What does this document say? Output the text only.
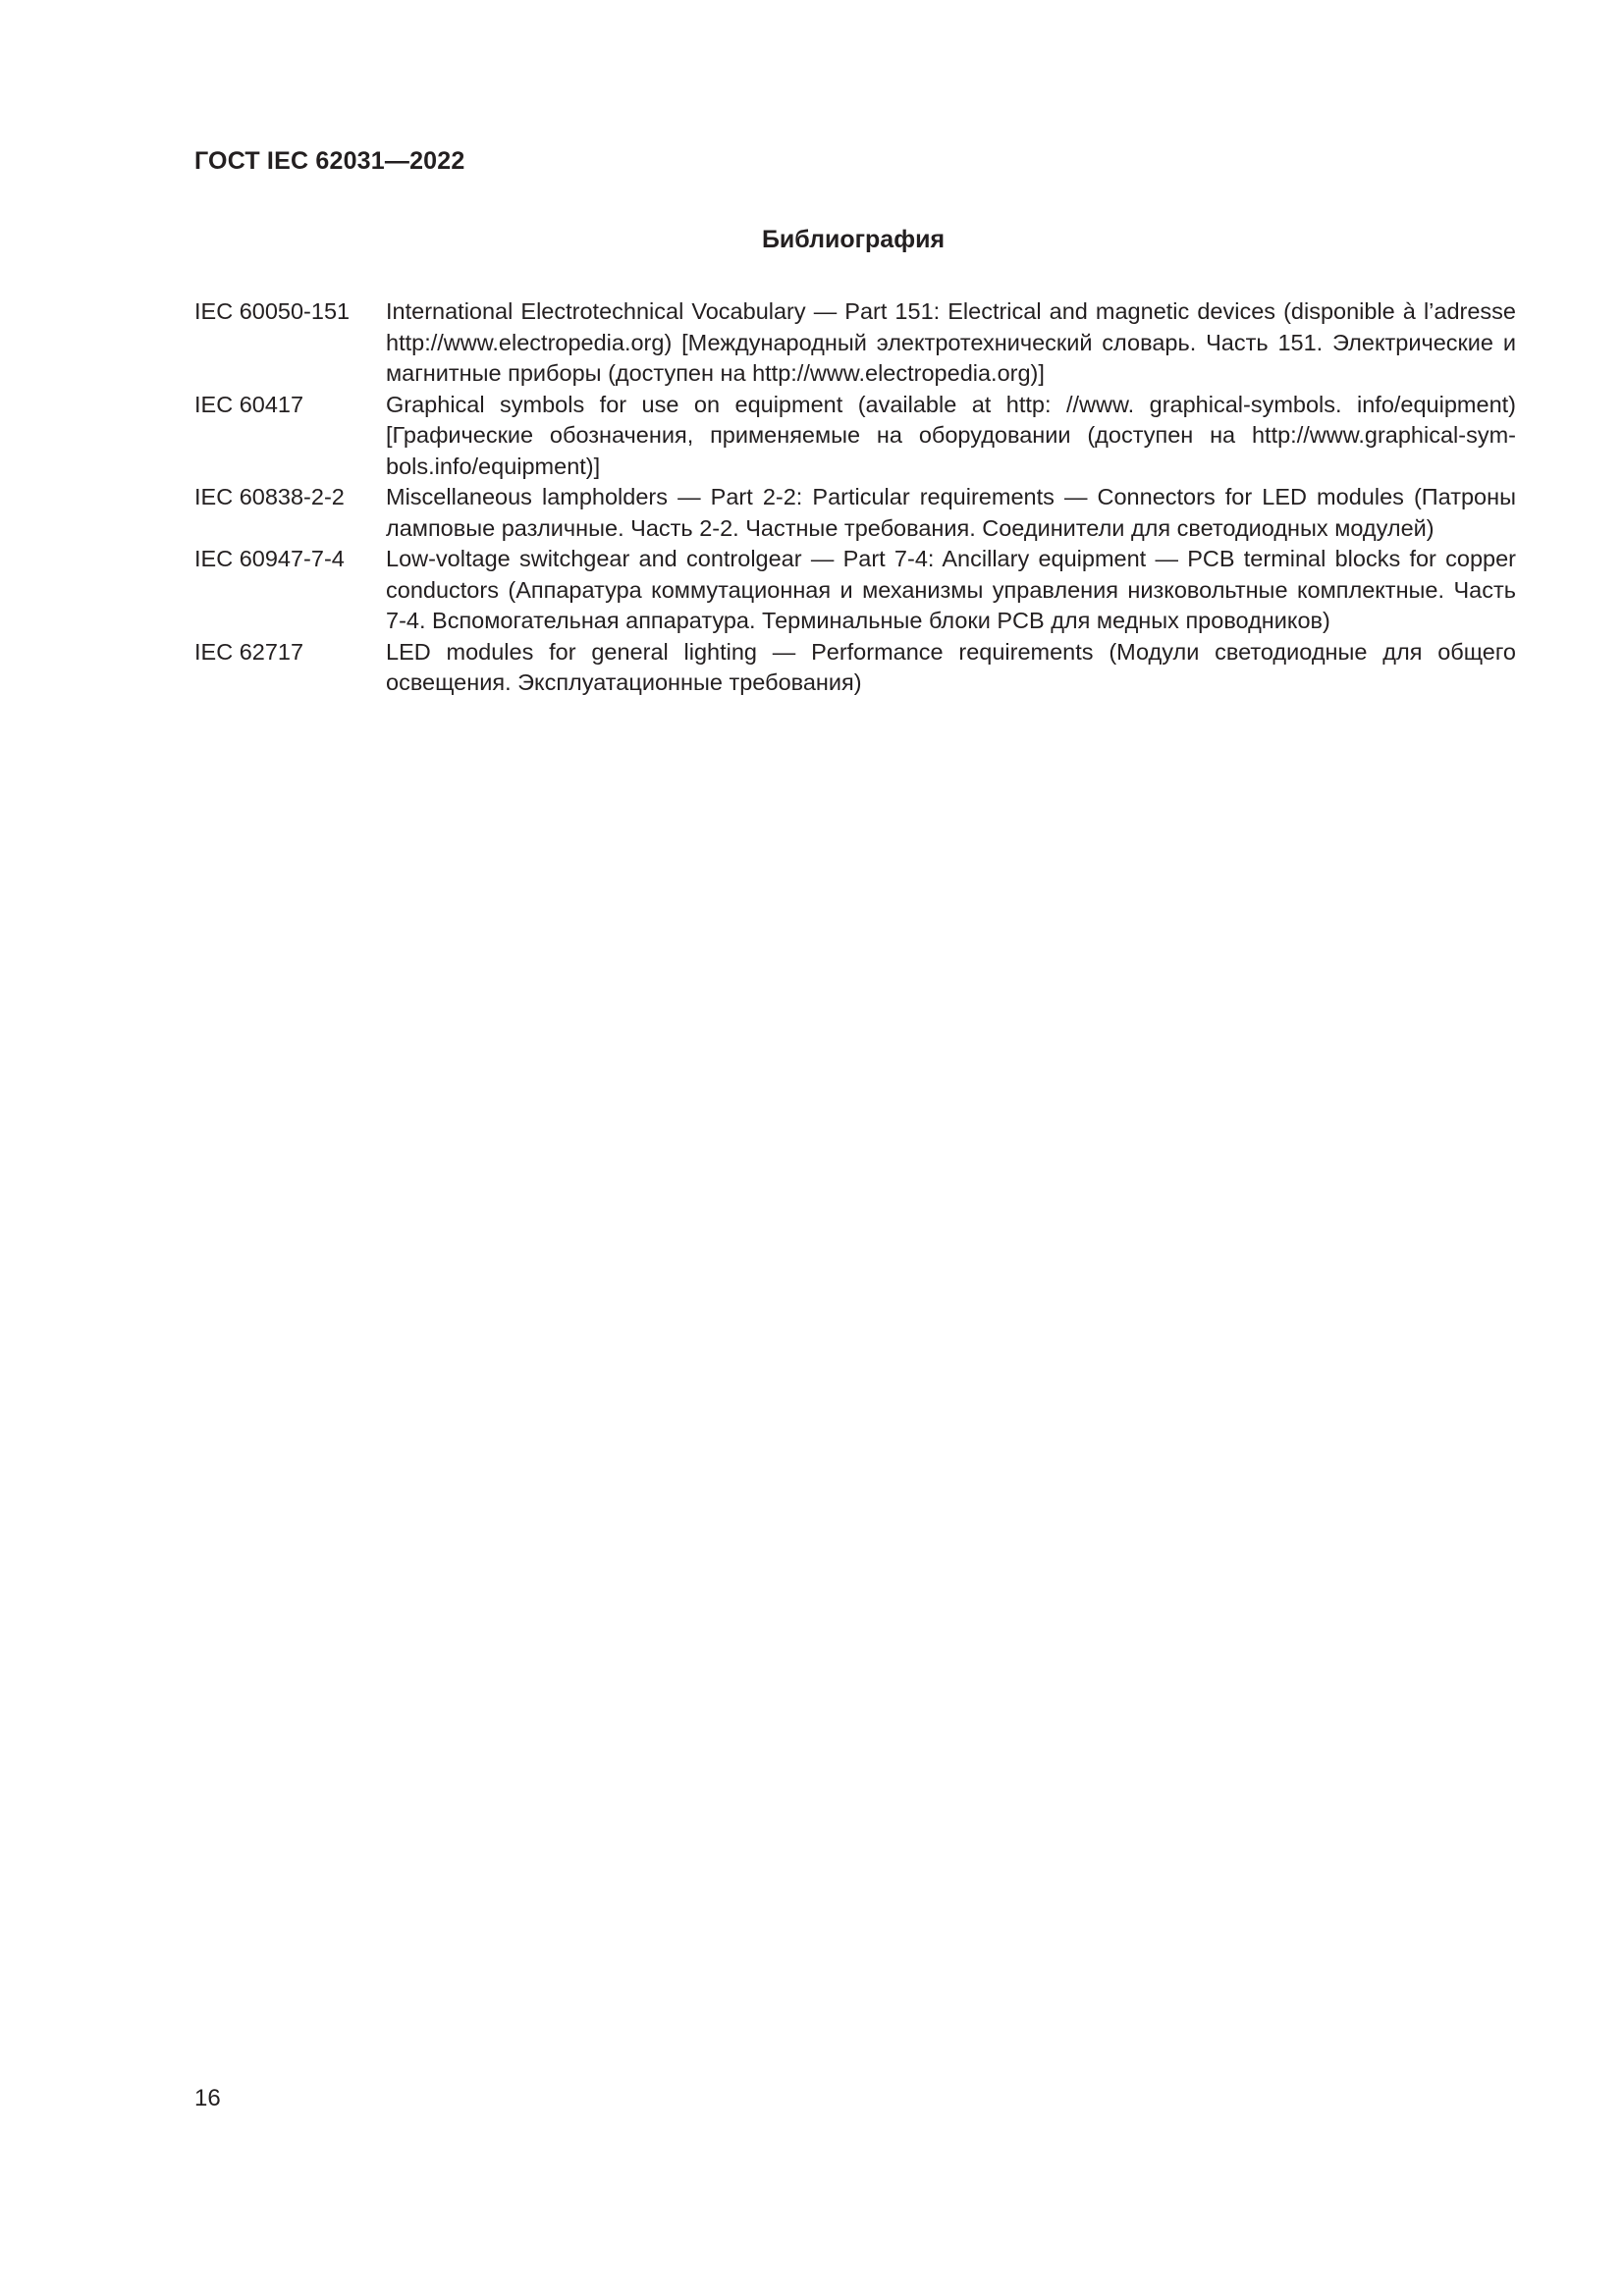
ГОСТ IEC 62031—2022
Библиография
IEC 60050-151	International Electrotechnical Vocabulary — Part 151: Electrical and magnetic devices (disponible à l’adresse http://www.electropedia.org) [Международный электротехнический словарь. Часть 151. Электрические и магнитные приборы (доступен на http://www.electropedia.org)]
IEC 60417	Graphical symbols for use on equipment (available at http: //www. graphical-symbols. info/equipment) [Графические обозначения, применяемые на оборудовании (доступен на http://www.graphical-symbols.info/equipment)]
IEC 60838-2-2	Miscellaneous lampholders — Part 2-2: Particular requirements — Connectors for LED modules (Патроны ламповые различные. Часть 2-2. Частные требования. Соединители для светодиодных модулей)
IEC 60947-7-4	Low-voltage switchgear and controlgear — Part 7-4: Ancillary equipment — PCB terminal blocks for copper conductors (Аппаратура коммутационная и механизмы управления низковольтные комплектные. Часть 7-4. Вспомогательная аппаратура. Терминальные блоки PCB для медных проводников)
IEC 62717	LED modules for general lighting — Performance requirements (Модули светодиодные для общего освещения. Эксплуатационные требования)
16
